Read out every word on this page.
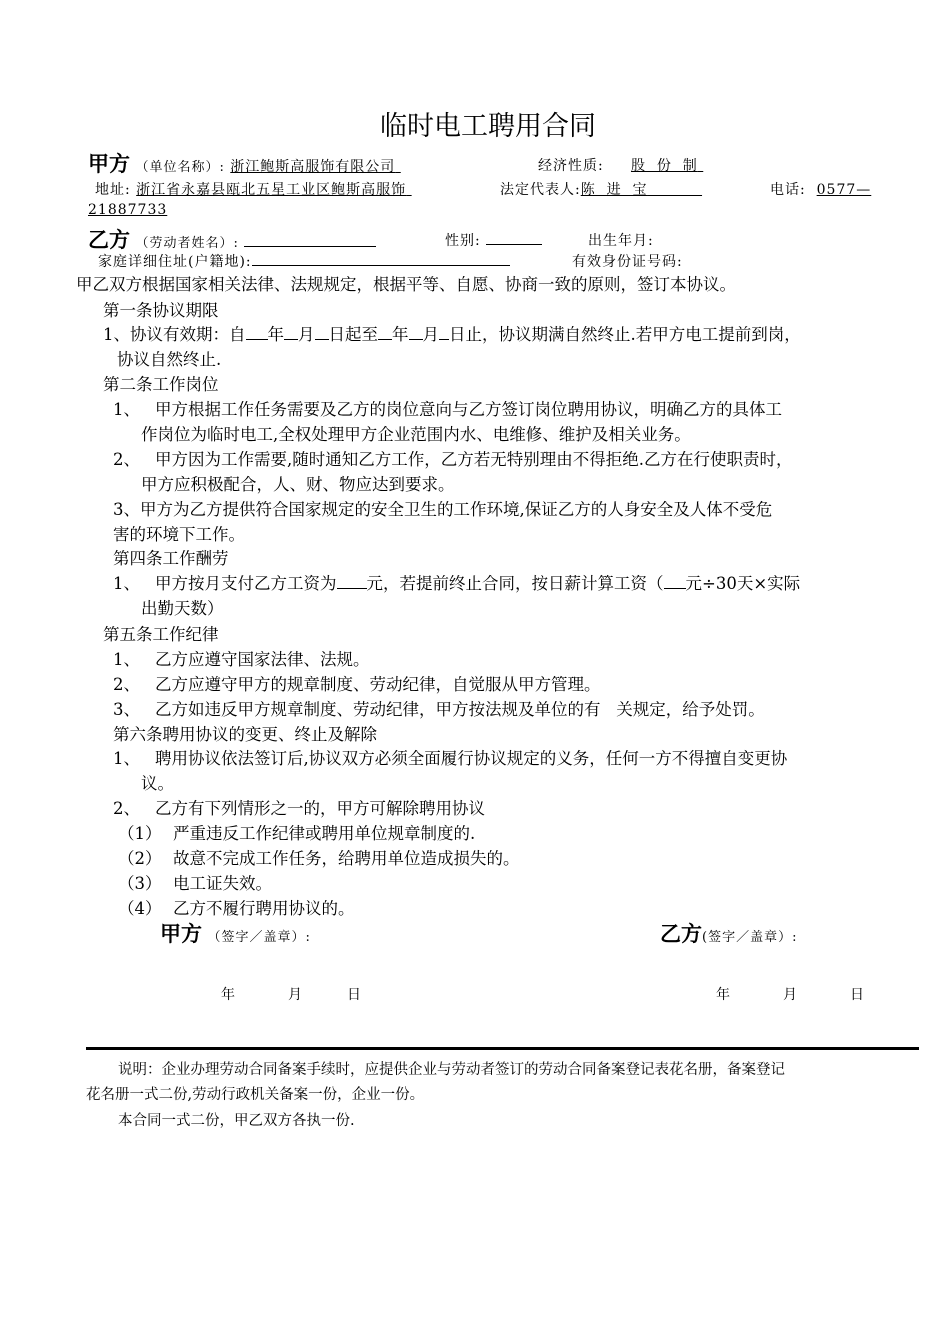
临时电工聘用合同
甲方 （单位名称）: 浙江鲍斯高服饰有限公司	经济性质: 股  份  制
地址: 浙江省永嘉县瓯北五星工业区鲍斯高服饰	法定代表人:陈  进  宝	电话: 0577—
21887733
乙方 （劳动者姓名）:	性别:	出生年月:
家庭详细住址(户籍地):	有效身份证号码:
甲乙双方根据国家相关法律、法规规定，根据平等、自愿、协商一致的原则，签订本协议。
第一条协议期限
1、协议有效期：自 年 月 日起至 年 月 日止，协议期满自然终止.若甲方电工提前到岗，
协议自然终止.
第二条工作岗位
1、 甲方根据工作任务需要及乙方的岗位意向与乙方签订岗位聘用协议，明确乙方的具体工
作岗位为临时电工,全权处理甲方企业范围内水、电维修、维护及相关业务。
2、 甲方因为工作需要,随时通知乙方工作，乙方若无特别理由不得拒绝.乙方在行使职责时，
甲方应积极配合，人、财、物应达到要求。
3、甲方为乙方提供符合国家规定的安全卫生的工作环境,保证乙方的人身安全及人体不受危
害的环境下工作。
第四条工作酬劳
1、 甲方按月支付乙方工资为 元，若提前终止合同，按日薪计算工资（ 元÷30天×实际
出勤天数）
第五条工作纪律
1、 乙方应遵守国家法律、法规。
2、 乙方应遵守甲方的规章制度、劳动纪律，自觉服从甲方管理。
3、 乙方如违反甲方规章制度、劳动纪律，甲方按法规及单位的有   关规定，给予处罚。
第六条聘用协议的变更、终止及解除
1、 聘用协议依法签订后,协议双方必须全面履行协议规定的义务，任何一方不得擅自变更协
议。
2、 乙方有下列情形之一的，甲方可解除聘用协议
（1） 严重违反工作纪律或聘用单位规章制度的.
（2） 故意不完成工作任务，给聘用单位造成损失的。
（3） 电工证失效。
（4） 乙方不履行聘用协议的。
甲方 （签字／盖章）:	乙方(签字／盖章）:
年	月	日	年	月	日
说明：企业办理劳动合同备案手续时，应提供企业与劳动者签订的劳动合同备案登记表花名册，备案登记
花名册一式二份,劳动行政机关备案一份，企业一份。
本合同一式二份，甲乙双方各执一份.
